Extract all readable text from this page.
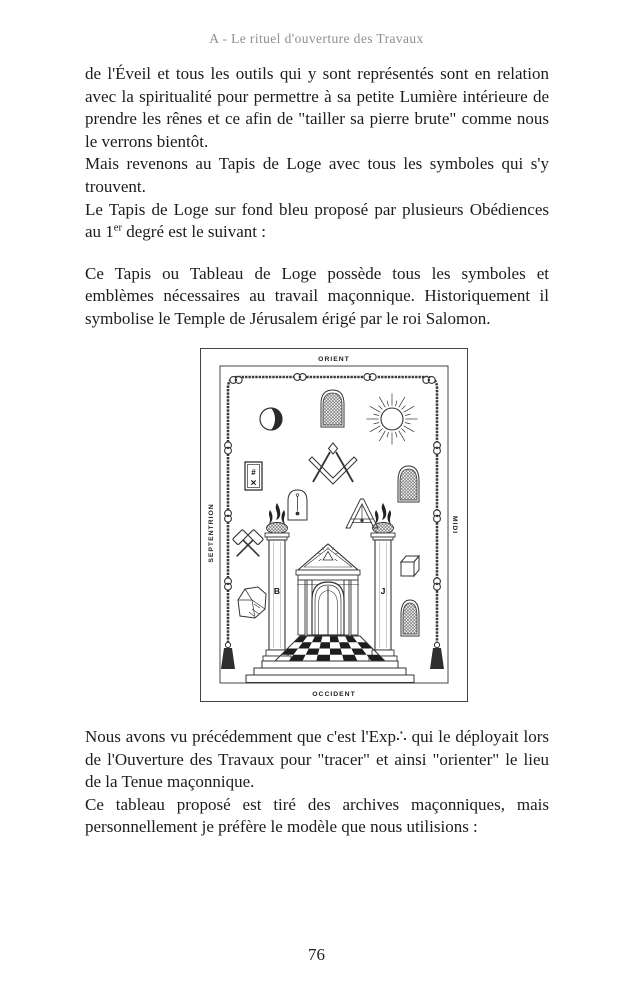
A - Le rituel d'ouverture des Travaux

de l'Éveil et tous les outils qui y sont représentés sont en relation avec la spiritualité pour permettre à sa petite Lumière intérieure de prendre les rênes et ce afin de "tailler sa pierre brute" comme nous le verrons bientôt.

Mais revenons au Tapis de Loge avec tous les symboles qui s'y trouvent.

Le Tapis de Loge sur fond bleu proposé par plusieurs Obédiences au 1er degré est le suivant :

Ce Tapis ou Tableau de Loge possède tous les symboles et emblèmes nécessaires au travail maçonnique. Historiquement il symbolise le Temple de Jérusalem érigé par le roi Salomon.

ORIENT
OCCIDENT
SEPTENTRION	MIDI
#
✕
B	J

Nous avons vu précédemment que c'est l'Exp∴ qui le déployait lors de l'Ouverture des Travaux pour "tracer" et ainsi "orienter" le lieu de la Tenue maçonnique.

Ce tableau proposé est tiré des archives maçonniques, mais personnellement je préfère le modèle que nous utilisions :

76
